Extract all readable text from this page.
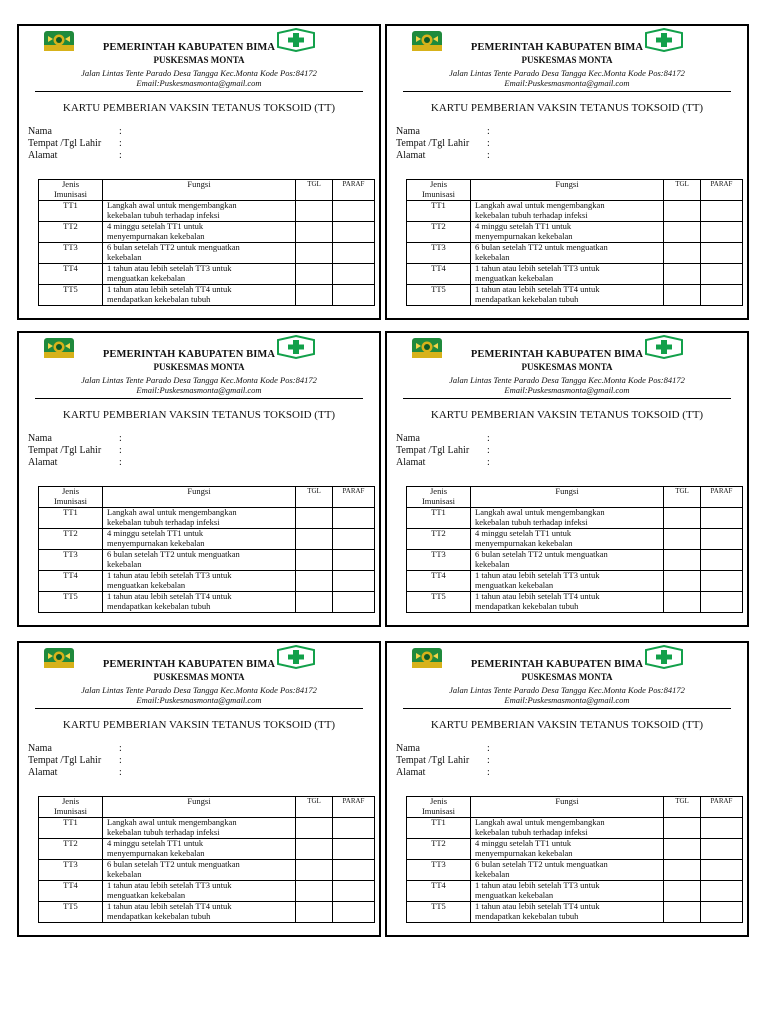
PEMERINTAH KABUPATEN BIMA
PUSKESMAS MONTA
Jalan Lintas Tente Parado Desa Tangga Kec.Monta Kode Pos:84172
Email:Puskesmasmonta@gmail.com
KARTU PEMBERIAN VAKSIN TETANUS TOKSOID (TT)
Nama	:
Tempat /Tgl Lahir :
Alamat	:
Jenis
Imunisasi	Fungsi	TGL	PARAF
TT1	Langkah awal untuk mengembangkan
kekebalan tubuh terhadap infeksi		
TT2	4 minggu setelah TT1 untuk
menyempurnakan kekebalan		
TT3	6 bulan setelah TT2 untuk menguatkan
kekebalan		
TT4	1 tahun atau lebih setelah TT3 untuk
menguatkan kekebalan		
TT5	1 tahun atau lebih setelah TT4 untuk
mendapatkan kekebalan tubuh		
PEMERINTAH KABUPATEN BIMA
PUSKESMAS MONTA
Jalan Lintas Tente Parado Desa Tangga Kec.Monta Kode Pos:84172
Email:Puskesmasmonta@gmail.com
KARTU PEMBERIAN VAKSIN TETANUS TOKSOID (TT)
Nama	:
Tempat /Tgl Lahir :
Alamat	:
Jenis
Imunisasi	Fungsi	TGL	PARAF
TT1	Langkah awal untuk mengembangkan
kekebalan tubuh terhadap infeksi		
TT2	4 minggu setelah TT1 untuk
menyempurnakan kekebalan		
TT3	6 bulan setelah TT2 untuk menguatkan
kekebalan		
TT4	1 tahun atau lebih setelah TT3 untuk
menguatkan kekebalan		
TT5	1 tahun atau lebih setelah TT4 untuk
mendapatkan kekebalan tubuh		
PEMERINTAH KABUPATEN BIMA
PUSKESMAS MONTA
Jalan Lintas Tente Parado Desa Tangga Kec.Monta Kode Pos:84172
Email:Puskesmasmonta@gmail.com
KARTU PEMBERIAN VAKSIN TETANUS TOKSOID (TT)
Nama	:
Tempat /Tgl Lahir :
Alamat	:
Jenis
Imunisasi	Fungsi	TGL	PARAF
TT1	Langkah awal untuk mengembangkan
kekebalan tubuh terhadap infeksi		
TT2	4 minggu setelah TT1 untuk
menyempurnakan kekebalan		
TT3	6 bulan setelah TT2 untuk menguatkan
kekebalan		
TT4	1 tahun atau lebih setelah TT3 untuk
menguatkan kekebalan		
TT5	1 tahun atau lebih setelah TT4 untuk
mendapatkan kekebalan tubuh		
PEMERINTAH KABUPATEN BIMA
PUSKESMAS MONTA
Jalan Lintas Tente Parado Desa Tangga Kec.Monta Kode Pos:84172
Email:Puskesmasmonta@gmail.com
KARTU PEMBERIAN VAKSIN TETANUS TOKSOID (TT)
Nama	:
Tempat /Tgl Lahir :
Alamat	:
Jenis
Imunisasi	Fungsi	TGL	PARAF
TT1	Langkah awal untuk mengembangkan
kekebalan tubuh terhadap infeksi		
TT2	4 minggu setelah TT1 untuk
menyempurnakan kekebalan		
TT3	6 bulan setelah TT2 untuk menguatkan
kekebalan		
TT4	1 tahun atau lebih setelah TT3 untuk
menguatkan kekebalan		
TT5	1 tahun atau lebih setelah TT4 untuk
mendapatkan kekebalan tubuh		
PEMERINTAH KABUPATEN BIMA
PUSKESMAS MONTA
Jalan Lintas Tente Parado Desa Tangga Kec.Monta Kode Pos:84172
Email:Puskesmasmonta@gmail.com
KARTU PEMBERIAN VAKSIN TETANUS TOKSOID (TT)
Nama	:
Tempat /Tgl Lahir :
Alamat	:
Jenis
Imunisasi	Fungsi	TGL	PARAF
TT1	Langkah awal untuk mengembangkan
kekebalan tubuh terhadap infeksi		
TT2	4 minggu setelah TT1 untuk
menyempurnakan kekebalan		
TT3	6 bulan setelah TT2 untuk menguatkan
kekebalan		
TT4	1 tahun atau lebih setelah TT3 untuk
menguatkan kekebalan		
TT5	1 tahun atau lebih setelah TT4 untuk
mendapatkan kekebalan tubuh		
PEMERINTAH KABUPATEN BIMA
PUSKESMAS MONTA
Jalan Lintas Tente Parado Desa Tangga Kec.Monta Kode Pos:84172
Email:Puskesmasmonta@gmail.com
KARTU PEMBERIAN VAKSIN TETANUS TOKSOID (TT)
Nama	:
Tempat /Tgl Lahir :
Alamat	:
Jenis
Imunisasi	Fungsi	TGL	PARAF
TT1	Langkah awal untuk mengembangkan
kekebalan tubuh terhadap infeksi		
TT2	4 minggu setelah TT1 untuk
menyempurnakan kekebalan		
TT3	6 bulan setelah TT2 untuk menguatkan
kekebalan		
TT4	1 tahun atau lebih setelah TT3 untuk
menguatkan kekebalan		
TT5	1 tahun atau lebih setelah TT4 untuk
mendapatkan kekebalan tubuh		
